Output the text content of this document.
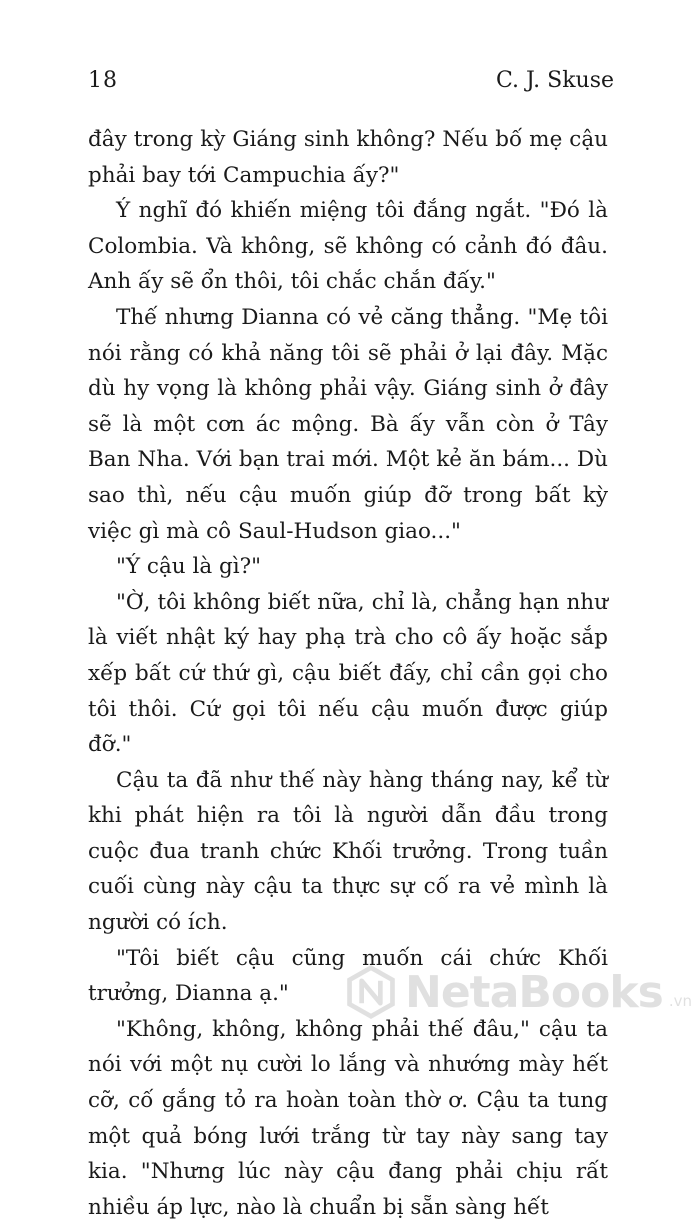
18	C. J. Skuse

đây trong kỳ Giáng sinh không? Nếu bố mẹ cậu phải bay tới Campuchia ấy?"

Ý nghĩ đó khiến miệng tôi đắng ngắt. "Đó là Colombia. Và không, sẽ không có cảnh đó đâu. Anh ấy sẽ ổn thôi, tôi chắc chắn đấy."

Thế nhưng Dianna có vẻ căng thẳng. "Mẹ tôi nói rằng có khả năng tôi sẽ phải ở lại đây. Mặc dù hy vọng là không phải vậy. Giáng sinh ở đây sẽ là một cơn ác mộng. Bà ấy vẫn còn ở Tây Ban Nha. Với bạn trai mới. Một kẻ ăn bám... Dù sao thì, nếu cậu muốn giúp đỡ trong bất kỳ việc gì mà cô Saul-Hudson giao..."

"Ý cậu là gì?"

"Ờ, tôi không biết nữa, chỉ là, chẳng hạn như là viết nhật ký hay phạ trà cho cô ấy hoặc sắp xếp bất cứ thứ gì, cậu biết đấy, chỉ cần gọi cho tôi thôi. Cứ gọi tôi nếu cậu muốn được giúp đỡ."

Cậu ta đã như thế này hàng tháng nay, kể từ khi phát hiện ra tôi là người dẫn đầu trong cuộc đua tranh chức Khối trưởng. Trong tuần cuối cùng này cậu ta thực sự cố ra vẻ mình là người có ích.

"Tôi biết cậu cũng muốn cái chức Khối trưởng, Dianna ạ."

"Không, không, không phải thế đâu," cậu ta nói với một nụ cười lo lắng và nhướng mày hết cỡ, cố gắng tỏ ra hoàn toàn thờ ơ. Cậu ta tung một quả bóng lưới trắng từ tay này sang tay kia. "Nhưng lúc này cậu đang phải chịu rất nhiều áp lực, nào là chuẩn bị sẵn sàng hết

NetaBooks .vn
